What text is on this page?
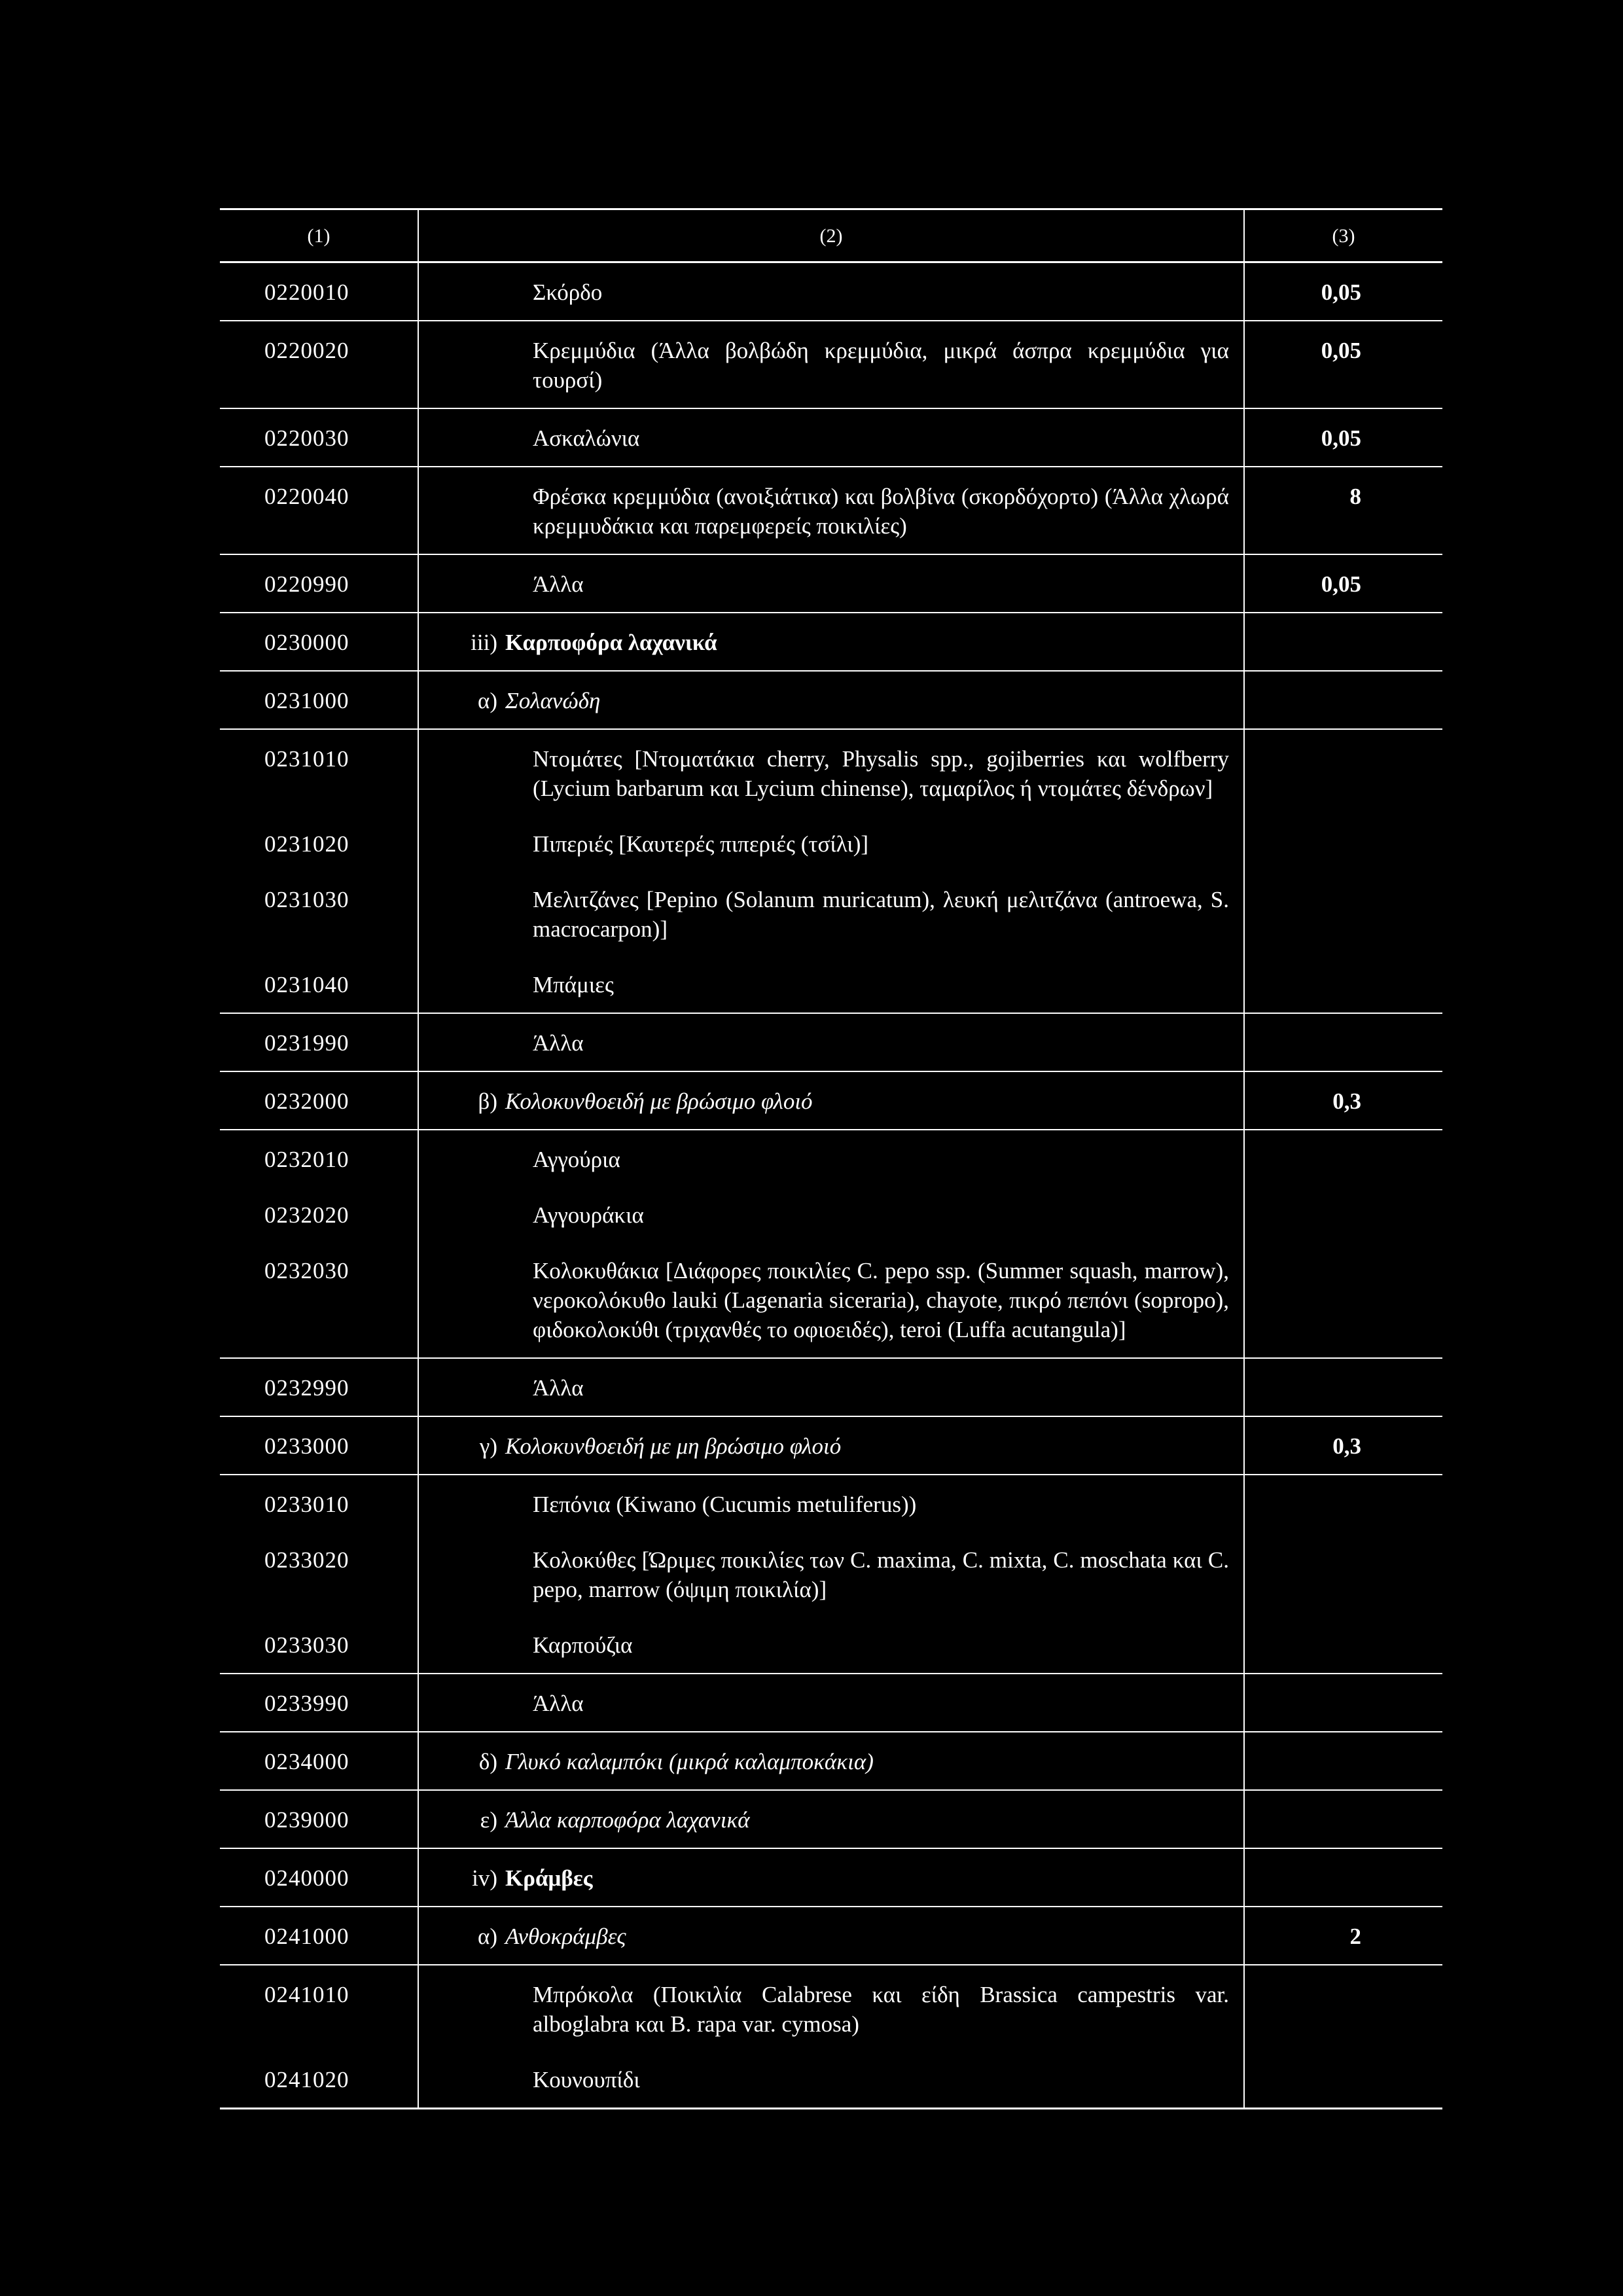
(1)	(2)	(3)
0220010	Σκόρδο	0,05
0220020	Κρεμμύδια (Άλλα βολβώδη κρεμμύδια, μικρά άσπρα κρεμμύδια για τουρσί)	0,05
0220030	Ασκαλώνια	0,05
0220040	Φρέσκα κρεμμύδια (ανοιξιάτικα) και βολβίνα (σκορδόχορτο) (Άλλα χλωρά κρεμμυδάκια και παρεμφερείς ποικιλίες)	8
0220990	Άλλα	0,05
0230000	iii) Καρποφόρα λαχανικά	

0231000	α) Σολανώδη	

0231010	Ντομάτες [Ντοματάκια cherry, Physalis spp., gojiberries και wolfberry (Lycium barbarum και Lycium chinense), ταμαρίλος ή ντομάτες δένδρων]	

0231020	Πιπεριές [Καυτερές πιπεριές (τσίλι)]	

0231030	Μελιτζάνες [Pepino (Solanum muricatum), λευκή μελιτζάνα (antroewa, S. macrocarpon)]	

0231040	Μπάμιες	

0231990	Άλλα	

0232000	β) Κολοκυνθοειδή με βρώσιμο φλοιό	0,3
0232010	Αγγούρια	

0232020	Αγγουράκια	

0232030	Κολοκυθάκια [Διάφορες ποικιλίες C. pepo ssp. (Summer squash, marrow), νεροκολόκυθο lauki (Lagenaria siceraria), chayote, πικρό πεπόνι (sopropo), φιδοκολοκύθι (τριχανθές το οφιοειδές), teroi (Luffa acutangula)]	

0232990	Άλλα	

0233000	γ) Κολοκυνθοειδή με μη βρώσιμο φλοιό	0,3
0233010	Πεπόνια (Kiwano (Cucumis metuliferus))	

0233020	Κολοκύθες [Ώριμες ποικιλίες των C. maxima, C. mixta, C. moschata και C. pepo, marrow (όψιμη ποικιλία)]	

0233030	Καρπούζια	

0233990	Άλλα	

0234000	δ) Γλυκό καλαμπόκι (μικρά καλαμποκάκια)	

0239000	ε) Άλλα καρποφόρα λαχανικά	

0240000	iv) Κράμβες	

0241000	α) Ανθοκράμβες	2
0241010	Μπρόκολα (Ποικιλία Calabrese και είδη Brassica campestris var. alboglabra και B. rapa var. cymosa)	

0241020	Κουνουπίδι	
